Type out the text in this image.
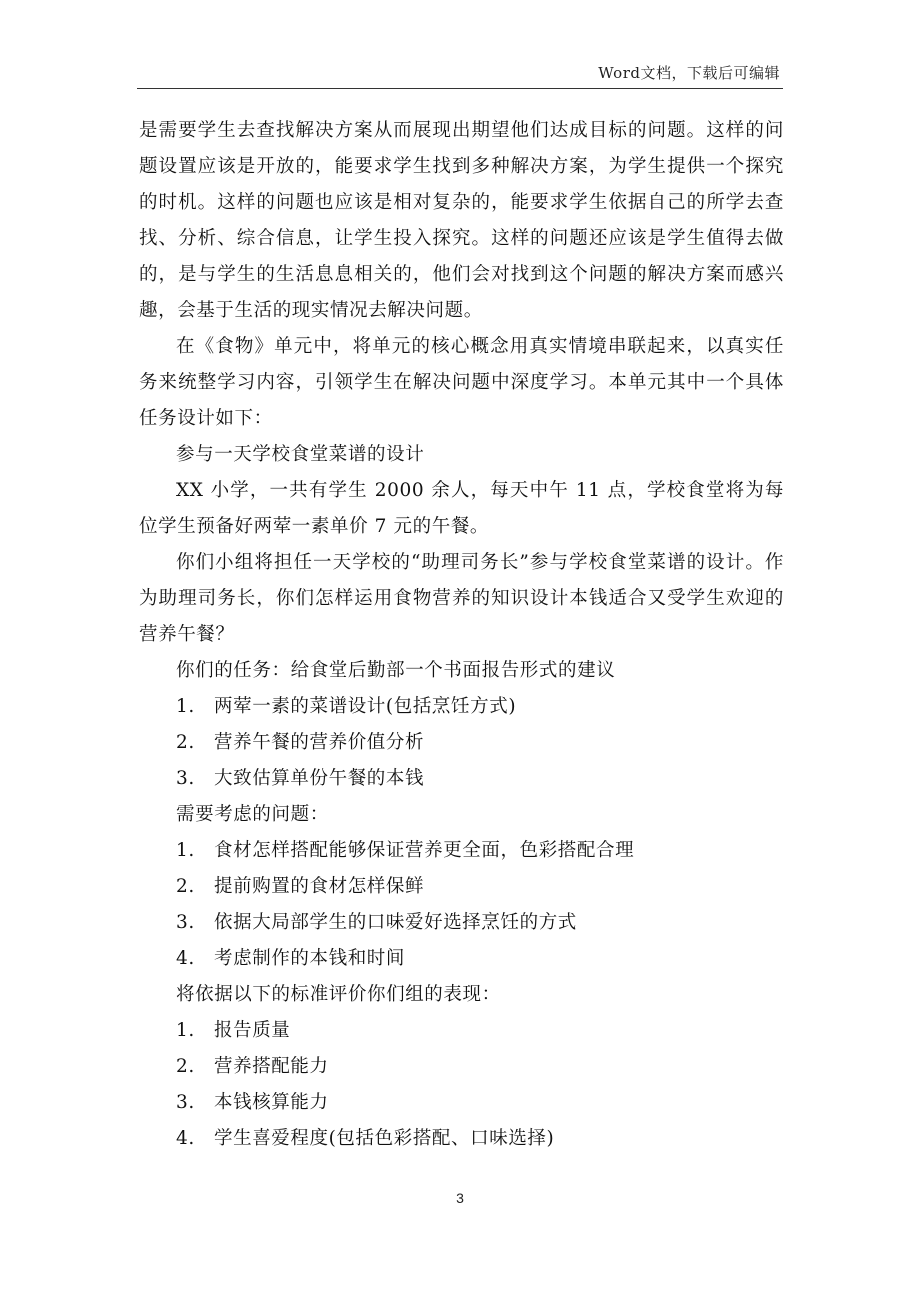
Word文档，下载后可编辑

是需要学生去查找解决方案从而展现出期望他们达成目标的问题。这样的问题设置应该是开放的，能要求学生找到多种解决方案，为学生提供一个探究的时机。这样的问题也应该是相对复杂的，能要求学生依据自己的所学去查找、分析、综合信息，让学生投入探究。这样的问题还应该是学生值得去做的，是与学生的生活息息相关的，他们会对找到这个问题的解决方案而感兴趣，会基于生活的现实情况去解决问题。

在《食物》单元中，将单元的核心概念用真实情境串联起来，以真实任务来统整学习内容，引领学生在解决问题中深度学习。本单元其中一个具体任务设计如下：

参与一天学校食堂菜谱的设计

XX 小学，一共有学生 2000 余人，每天中午 11 点，学校食堂将为每位学生预备好两荤一素单价 7 元的午餐。

你们小组将担任一天学校的“助理司务长”参与学校食堂菜谱的设计。作为助理司务长，你们怎样运用食物营养的知识设计本钱适合又受学生欢迎的营养午餐？

你们的任务：给食堂后勤部一个书面报告形式的建议

1.	两荤一素的菜谱设计(包括烹饪方式)
2.	营养午餐的营养价值分析
3.	大致估算单份午餐的本钱

需要考虑的问题：

1.	食材怎样搭配能够保证营养更全面，色彩搭配合理
2.	提前购置的食材怎样保鲜
3.	依据大局部学生的口味爱好选择烹饪的方式
4.	考虑制作的本钱和时间

将依据以下的标准评价你们组的表现：

1.	报告质量
2.	营养搭配能力
3.	本钱核算能力
4.	学生喜爱程度(包括色彩搭配、口味选择)
3
